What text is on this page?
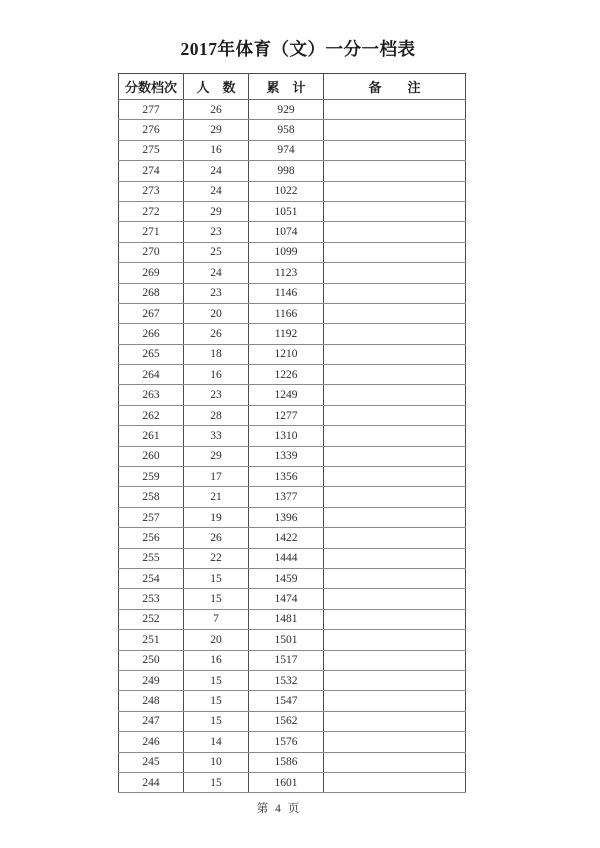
2017年体育（文）一分一档表
分数档次	人　数	累　计	备　　注
277	26	929	
276	29	958	
275	16	974	
274	24	998	
273	24	1022	
272	29	1051	
271	23	1074	
270	25	1099	
269	24	1123	
268	23	1146	
267	20	1166	
266	26	1192	
265	18	1210	
264	16	1226	
263	23	1249	
262	28	1277	
261	33	1310	
260	29	1339	
259	17	1356	
258	21	1377	
257	19	1396	
256	26	1422	
255	22	1444	
254	15	1459	
253	15	1474	
252	7	1481	
251	20	1501	
250	16	1517	
249	15	1532	
248	15	1547	
247	15	1562	
246	14	1576	
245	10	1586	
244	15	1601	
第 4 页
